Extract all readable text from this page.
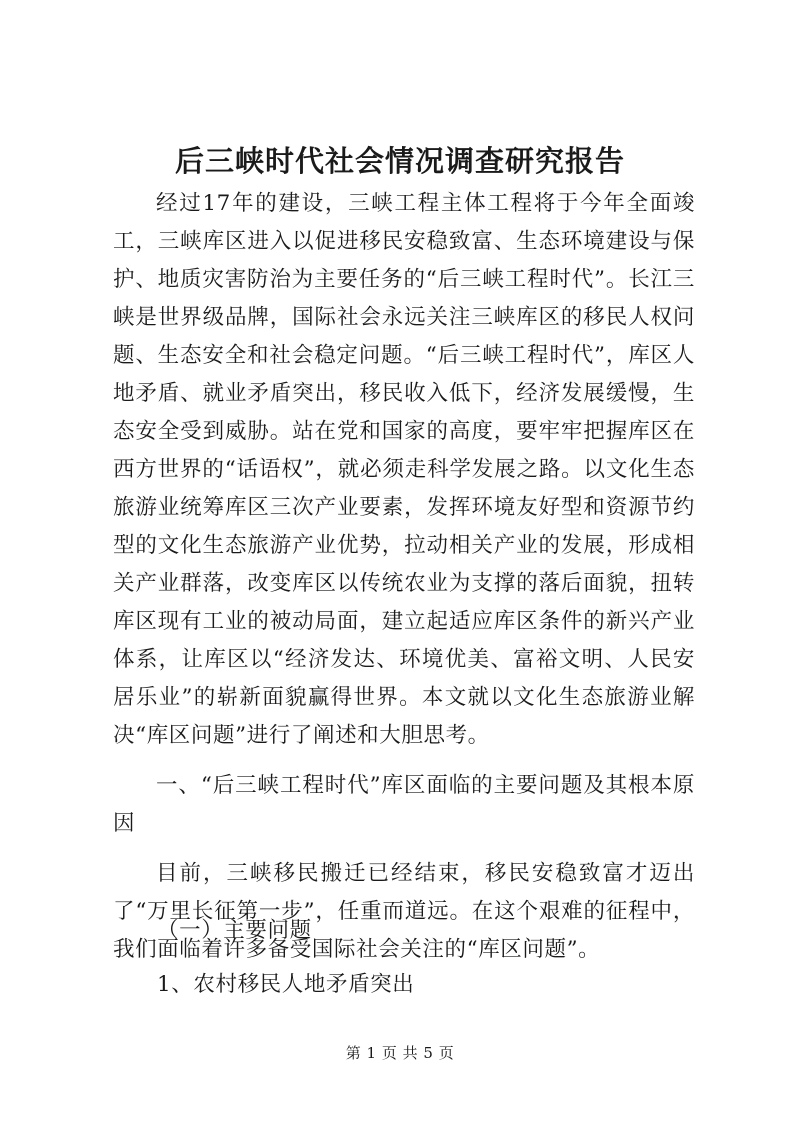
后三峡时代社会情况调查研究报告

经过17年的建设，三峡工程主体工程将于今年全面竣工，三峡库区进入以促进移民安稳致富、生态环境建设与保护、地质灾害防治为主要任务的“后三峡工程时代”。长江三峡是世界级品牌，国际社会永远关注三峡库区的移民人权问题、生态安全和社会稳定问题。“后三峡工程时代”，库区人地矛盾、就业矛盾突出，移民收入低下，经济发展缓慢，生态安全受到威胁。站在党和国家的高度，要牢牢把握库区在西方世界的“话语权”，就必须走科学发展之路。以文化生态旅游业统筹库区三次产业要素，发挥环境友好型和资源节约型的文化生态旅游产业优势，拉动相关产业的发展，形成相关产业群落，改变库区以传统农业为支撑的落后面貌，扭转库区现有工业的被动局面，建立起适应库区条件的新兴产业体系，让库区以“经济发达、环境优美、富裕文明、人民安居乐业”的崭新面貌赢得世界。本文就以文化生态旅游业解决“库区问题”进行了阐述和大胆思考。

一、“后三峡工程时代”库区面临的主要问题及其根本原因

目前，三峡移民搬迁已经结束，移民安稳致富才迈出了“万里长征第一步”，任重而道远。在这个艰难的征程中，我们面临着许多备受国际社会关注的“库区问题”。

（一）主要问题
1、农村移民人地矛盾突出
第 1 页 共 5 页
